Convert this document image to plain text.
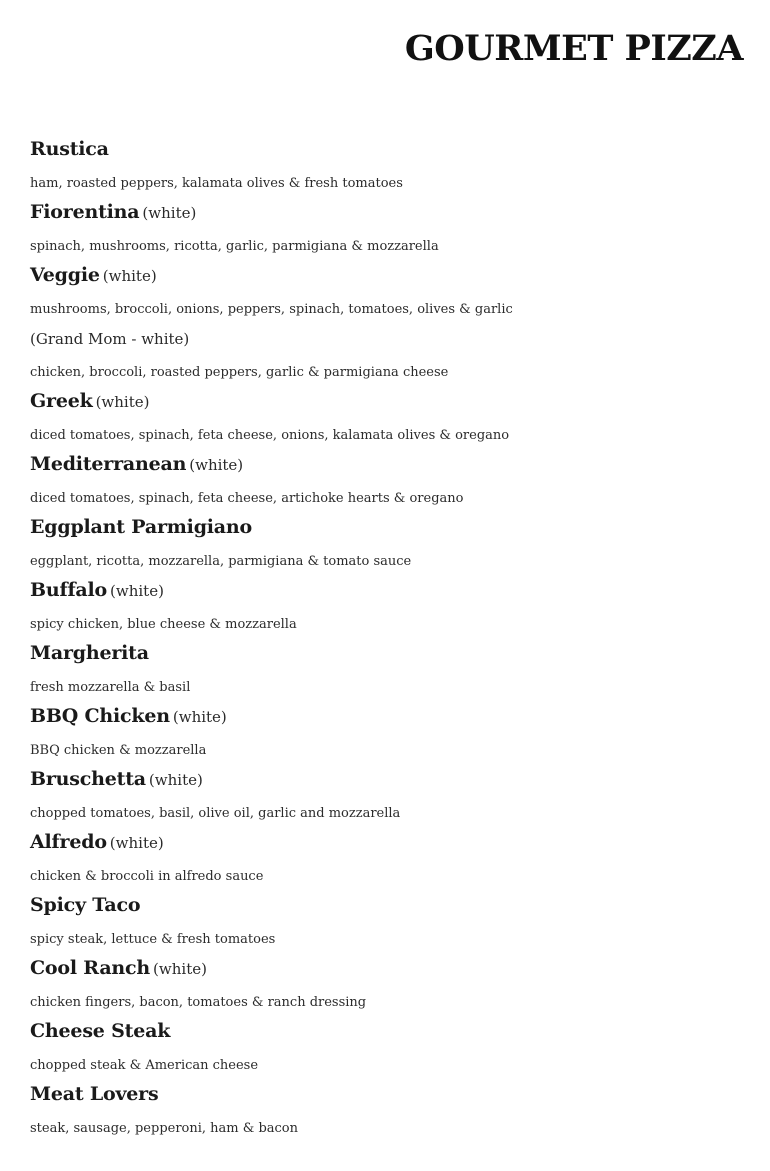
GOURMET PIZZA
Rustica
ham, roasted peppers, kalamata olives & fresh tomatoes
Fiorentina (white)
spinach, mushrooms, ricotta, garlic, parmigiana & mozzarella
Veggie (white)
mushrooms, broccoli, onions, peppers, spinach, tomatoes, olives & garlic
(Grand Mom - white)
chicken, broccoli, roasted peppers, garlic & parmigiana cheese
Greek (white)
diced tomatoes, spinach, feta cheese, onions, kalamata olives & oregano
Mediterranean (white)
diced tomatoes, spinach, feta cheese, artichoke hearts & oregano
Eggplant Parmigiano
eggplant, ricotta, mozzarella, parmigiana & tomato sauce
Buffalo (white)
spicy chicken, blue cheese & mozzarella
Margherita
fresh mozzarella & basil
BBQ Chicken (white)
BBQ chicken & mozzarella
Bruschetta (white)
chopped tomatoes, basil, olive oil, garlic and mozzarella
Alfredo (white)
chicken & broccoli in alfredo sauce
Spicy Taco
spicy steak, lettuce & fresh tomatoes
Cool Ranch (white)
chicken fingers, bacon, tomatoes & ranch dressing
Cheese Steak
chopped steak & American cheese
Meat Lovers
steak, sausage, pepperoni, ham & bacon
